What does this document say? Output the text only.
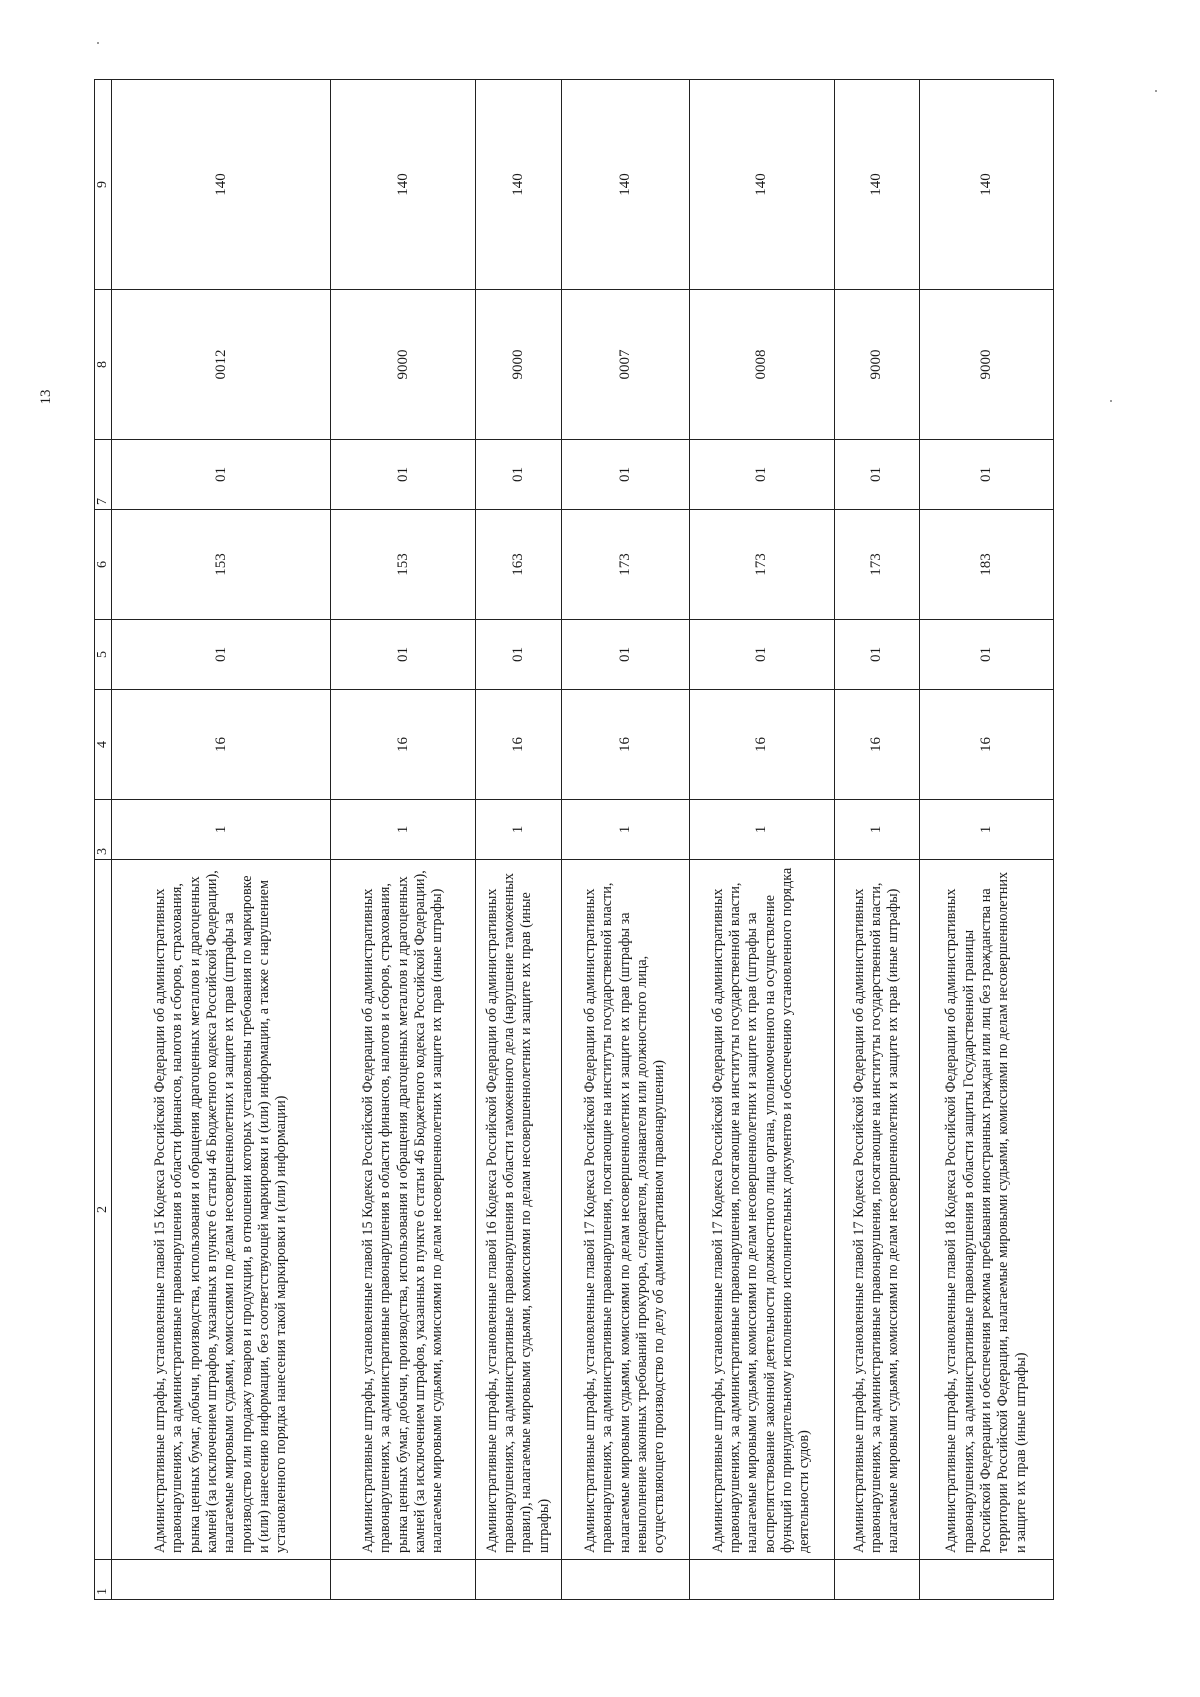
13
1	2	3	4	5	6	7	8	9
	Административные штрафы, установленные главой 15 Кодекса Российской Федерации об административных правонарушениях, за административные правонарушения в области финансов, налогов и сборов, страхования, рынка ценных бумаг, добычи, производства, использования и обращения драгоценных металлов и драгоценных камней (за исключением штрафов, указанных в пункте 6 статьи 46 Бюджетного кодекса Российской Федерации), налагаемые мировыми судьями, комиссиями по делам несовершеннолетних и защите их прав (штрафы за производство или продажу товаров и продукции, в отношении которых установлены требования по маркировке и (или) нанесению информации, без соответствующей маркировки и (или) информации, а также с нарушением установленного порядка нанесения такой маркировки и (или) информации)	1	16	01	153	01	0012	140
	Административные штрафы, установленные главой 15 Кодекса Российской Федерации об административных правонарушениях, за административные правонарушения в области финансов, налогов и сборов, страхования, рынка ценных бумаг, добычи, производства, использования и обращения драгоценных металлов и драгоценных камней (за исключением штрафов, указанных в пункте 6 статьи 46 Бюджетного кодекса Российской Федерации), налагаемые мировыми судьями, комиссиями по делам несовершеннолетних и защите их прав (иные штрафы)	1	16	01	153	01	9000	140
	Административные штрафы, установленные главой 16 Кодекса Российской Федерации об административных правонарушениях, за административные правонарушения в области таможенного дела (нарушение таможенных правил), налагаемые мировыми судьями, комиссиями по делам несовершеннолетних и защите их прав (иные штрафы)	1	16	01	163	01	9000	140
	Административные штрафы, установленные главой 17 Кодекса Российской Федерации об административных правонарушениях, за административные правонарушения, посягающие на институты государственной власти, налагаемые мировыми судьями, комиссиями по делам несовершеннолетних и защите их прав (штрафы за невыполнение законных требований прокурора, следователя, дознавателя или должностного лица, осуществляющего производство по делу об административном правонарушении)	1	16	01	173	01	0007	140
	Административные штрафы, установленные главой 17 Кодекса Российской Федерации об административных правонарушениях, за административные правонарушения, посягающие на институты государственной власти, налагаемые мировыми судьями, комиссиями по делам несовершеннолетних и защите их прав (штрафы за воспрепятствование законной деятельности должностного лица органа, уполномоченного на осуществление функций по принудительному исполнению исполнительных документов и обеспечению установленного порядка деятельности судов)	1	16	01	173	01	0008	140
	Административные штрафы, установленные главой 17 Кодекса Российской Федерации об административных правонарушениях, за административные правонарушения, посягающие на институты государственной власти, налагаемые мировыми судьями, комиссиями по делам несовершеннолетних и защите их прав (иные штрафы)	1	16	01	173	01	9000	140
	Административные штрафы, установленные главой 18 Кодекса Российской Федерации об административных правонарушениях, за административные правонарушения в области защиты Государственной границы Российской Федерации и обеспечения режима пребывания иностранных граждан или лиц без гражданства на территории Российской Федерации, налагаемые мировыми судьями, комиссиями по делам несовершеннолетних и защите их прав (иные штрафы)	1	16	01	183	01	9000	140
